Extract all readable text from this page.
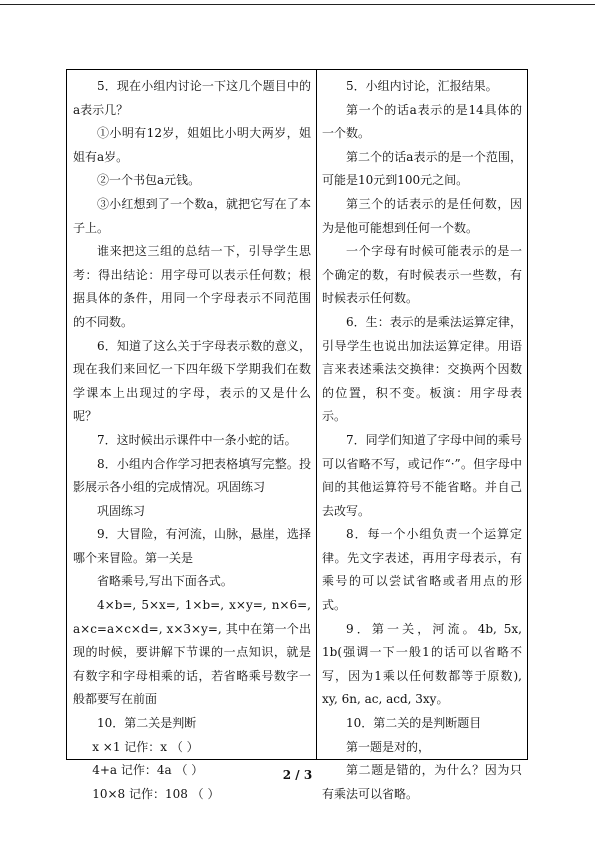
5．现在小组内讨论一下这几个题目中的a表示几？

①小明有12岁，姐姐比小明大两岁，姐姐有a岁。

②一个书包a元钱。

③小红想到了一个数a，就把它写在了本子上。

谁来把这三组的总结一下，引导学生思考：得出结论：用字母可以表示任何数；根据具体的条件，用同一个字母表示不同范围的不同数。

6．知道了这么关于字母表示数的意义，现在我们来回忆一下四年级下学期我们在数学课本上出现过的字母，表示的又是什么呢？

7．这时候出示课件中一条小蛇的话。

8．小组内合作学习把表格填写完整。投影展示各小组的完成情况。巩固练习

巩固练习

9．大冒险，有河流，山脉，悬崖，选择哪个来冒险。第一关是

省略乘号,写出下面各式。

4×b=, 5×x=, 1×b=, x×y=, n×6=, a×c=a×c×d=, x×3×y=, 其中在第一个出现的时候，要讲解下节课的一点知识，就是有数字和字母相乘的话，若省略乘号数字一般都要写在前面

10．第二关是判断

x ×1 记作：x （ ）

4+a 记作：4a （ ）

10×8 记作：108 （ ）

5．小组内讨论，汇报结果。

第一个的话a表示的是14具体的一个数。

第二个的话a表示的是一个范围，可能是10元到100元之间。

第三个的话表示的是任何数，因为是他可能想到任何一个数。

一个字母有时候可能表示的是一个确定的数，有时候表示一些数，有时候表示任何数。

6．生：表示的是乘法运算定律，引导学生也说出加法运算定律。用语言来表述乘法交换律：交换两个因数的位置，积不变。板演：用字母表示。

7．同学们知道了字母中间的乘号可以省略不写，或记作“·”。但字母中间的其他运算符号不能省略。并自己去改写。

8．每一个小组负责一个运算定律。先文字表述，再用字母表示，有乘号的可以尝试省略或者用点的形式。

9．第一关，河流。4b, 5x, 1b(强调一下一般1的话可以省略不写，因为1乘以任何数都等于原数), xy, 6n, ac, acd, 3xy。

10．第二关的是判断题目

第一题是对的，

第二题是错的，为什么？因为只有乘法可以省略。

2 / 3
